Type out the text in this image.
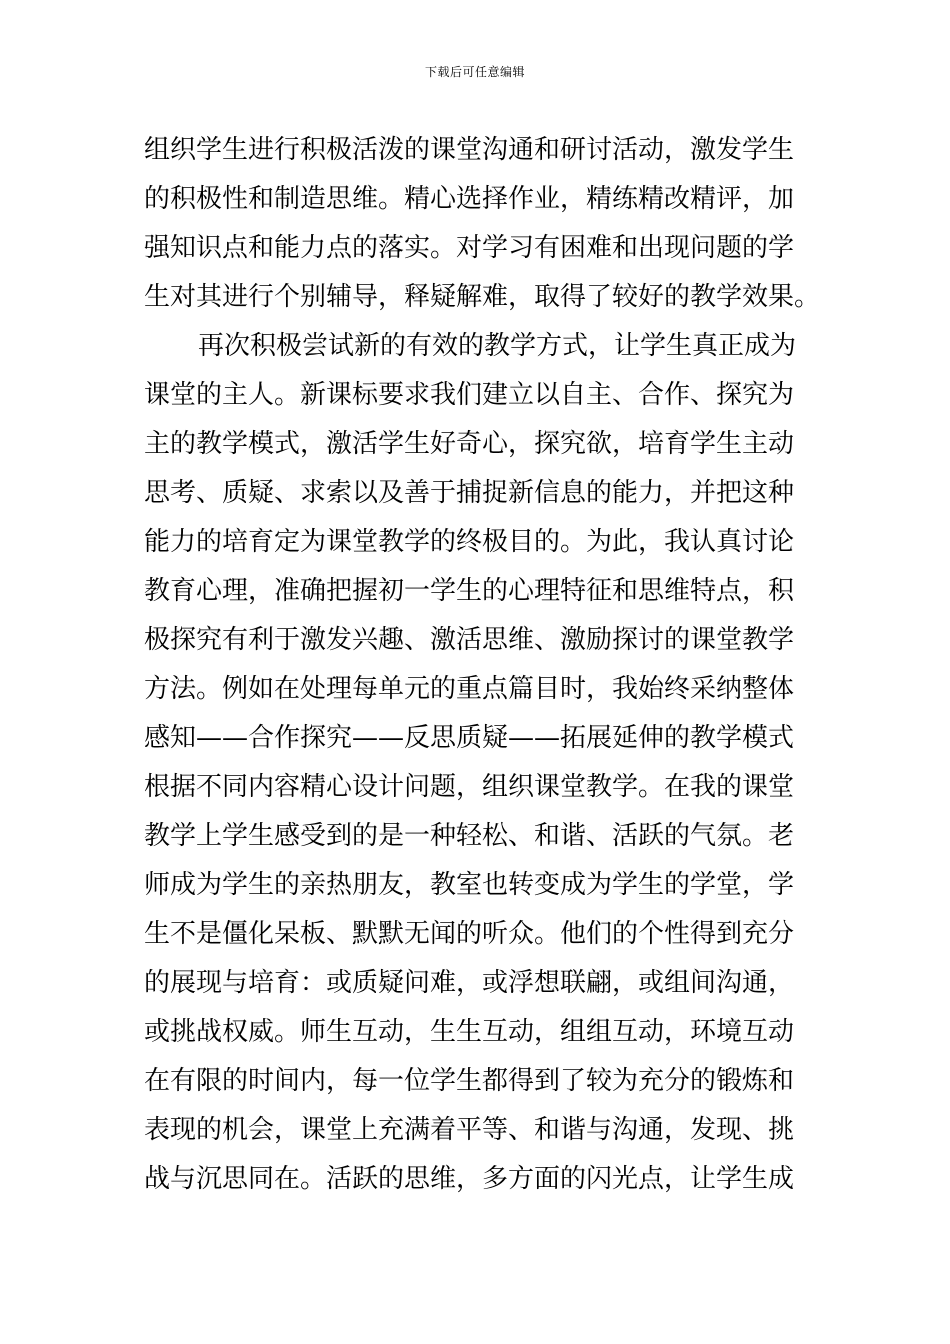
下载后可任意编辑
组织学生进行积极活泼的课堂沟通和研讨活动，激发学生
的积极性和制造思维。精心选择作业，精练精改精评，加
强知识点和能力点的落实。对学习有困难和出现问题的学
生对其进行个别辅导，释疑解难，取得了较好的教学效果。
再次积极尝试新的有效的教学方式，让学生真正成为
课堂的主人。新课标要求我们建立以自主、合作、探究为
主的教学模式，激活学生好奇心，探究欲，培育学生主动
思考、质疑、求索以及善于捕捉新信息的能力，并把这种
能力的培育定为课堂教学的终极目的。为此，我认真讨论
教育心理，准确把握初一学生的心理特征和思维特点，积
极探究有利于激发兴趣、激活思维、激励探讨的课堂教学
方法。例如在处理每单元的重点篇目时，我始终采纳整体
感知——合作探究——反思质疑——拓展延伸的教学模式
根据不同内容精心设计问题，组织课堂教学。在我的课堂
教学上学生感受到的是一种轻松、和谐、活跃的气氛。老
师成为学生的亲热朋友，教室也转变成为学生的学堂，学
生不是僵化呆板、默默无闻的听众。他们的个性得到充分
的展现与培育：或质疑问难，或浮想联翩，或组间沟通，
或挑战权威。师生互动，生生互动，组组互动，环境互动
在有限的时间内，每一位学生都得到了较为充分的锻炼和
表现的机会，课堂上充满着平等、和谐与沟通，发现、挑
战与沉思同在。活跃的思维，多方面的闪光点，让学生成
